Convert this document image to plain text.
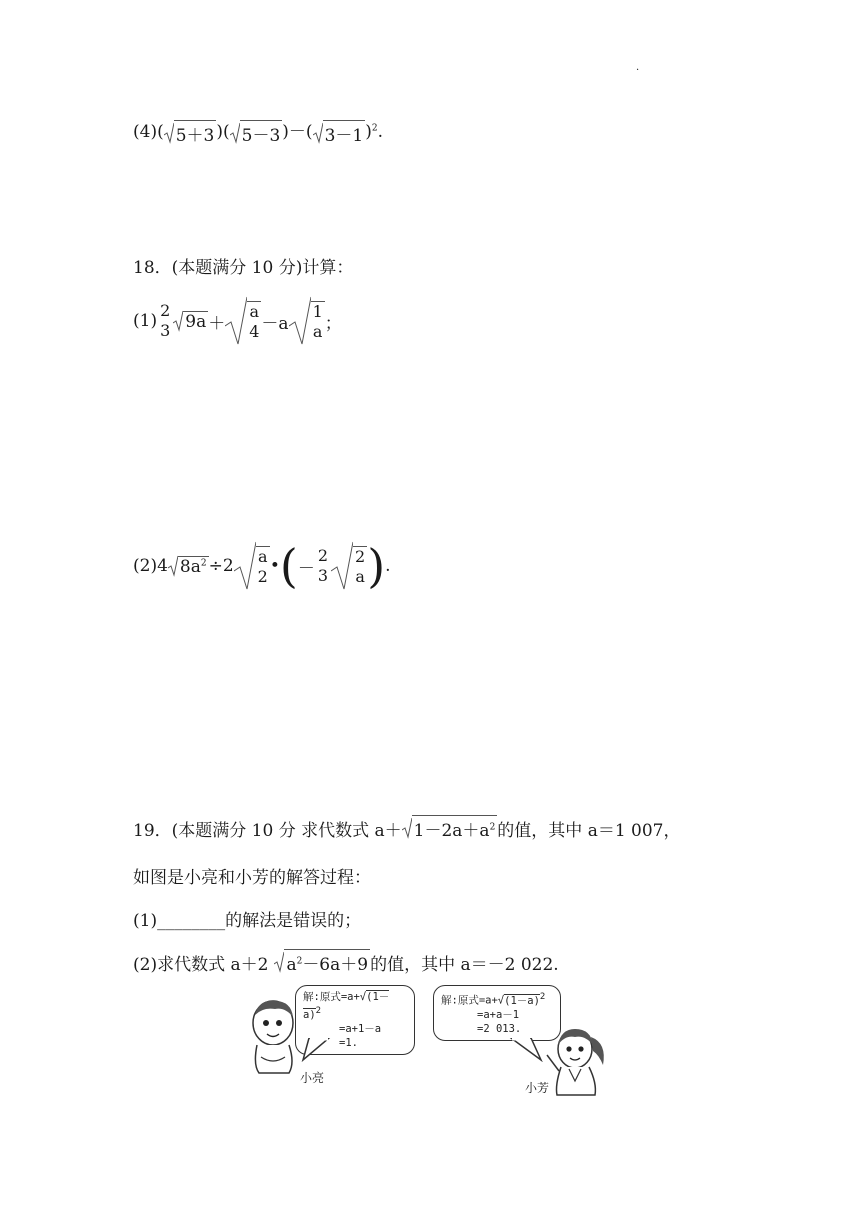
.
(4)( 5＋3 )( 5－3 )－( 3－1 )$^2$.
18．(本题满分 10 分)计算：
(1)
2
3 9a ＋
a
4 －a
1
a ；
(2)4 $8a^2 \div 2$ a
2 • ( －
2
3
2
a ) .
19．(本题满分 10 分 求代数式 $a+ 1-2a+a^2$ 的值，其中 a＝1 007，
如图是小亮和小芳的解答过程：
(1)________的解法是错误的；
(2)求代数式 a＋2 $a^2-6a+9$ 的值，其中 a＝－2 022.
小亮
解:原式$=a+√(1-a)^2$
=a+1－a
=1.
解:原式$=a+√(1-a)^2$
=a+a－1
=2 013.
小芳
